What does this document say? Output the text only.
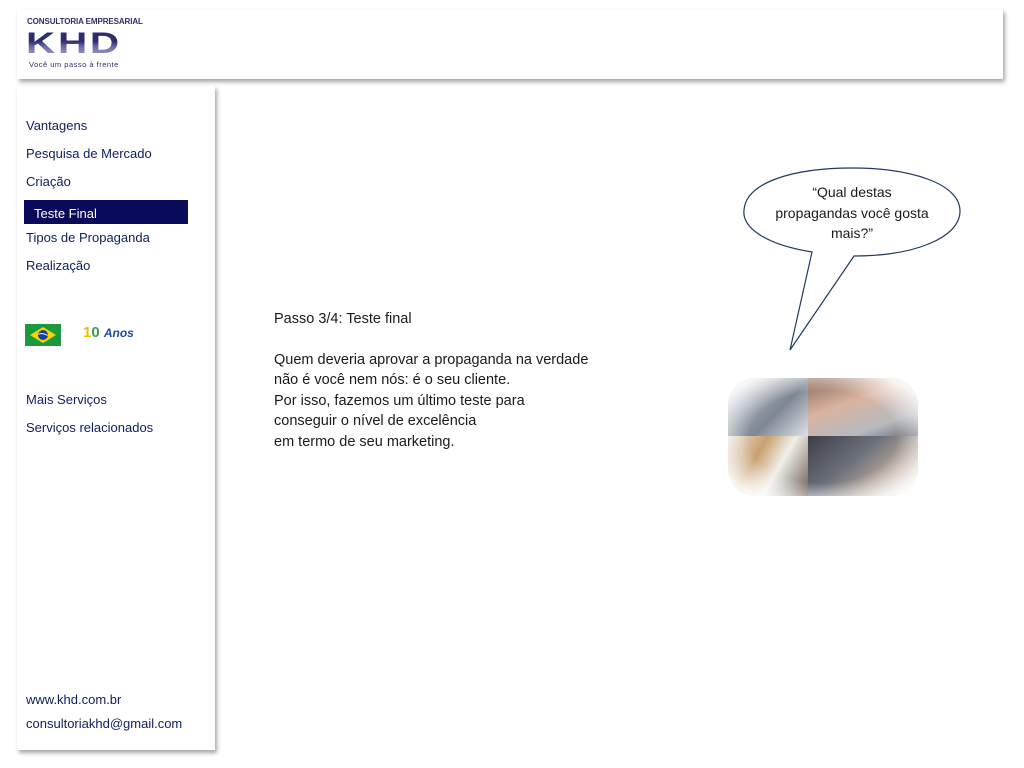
CONSULTORIA EMPRESARIAL
KHD
Você um passo à frente
Vantagens
Pesquisa de Mercado
Criação
Teste Final
Tipos de Propaganda
Realização
10 Anos
Mais Serviços
Serviços relacionados
www.khd.com.br
consultoriakhd@gmail.com

Passo 3/4: Teste final

Quem deveria aprovar a propaganda na verdade

não é você nem nós: é o seu cliente.

Por isso, fazemos um último teste para

conseguir o nível de excelência

em termo de seu marketing.

“Qual destas propagandas você gosta mais?”
